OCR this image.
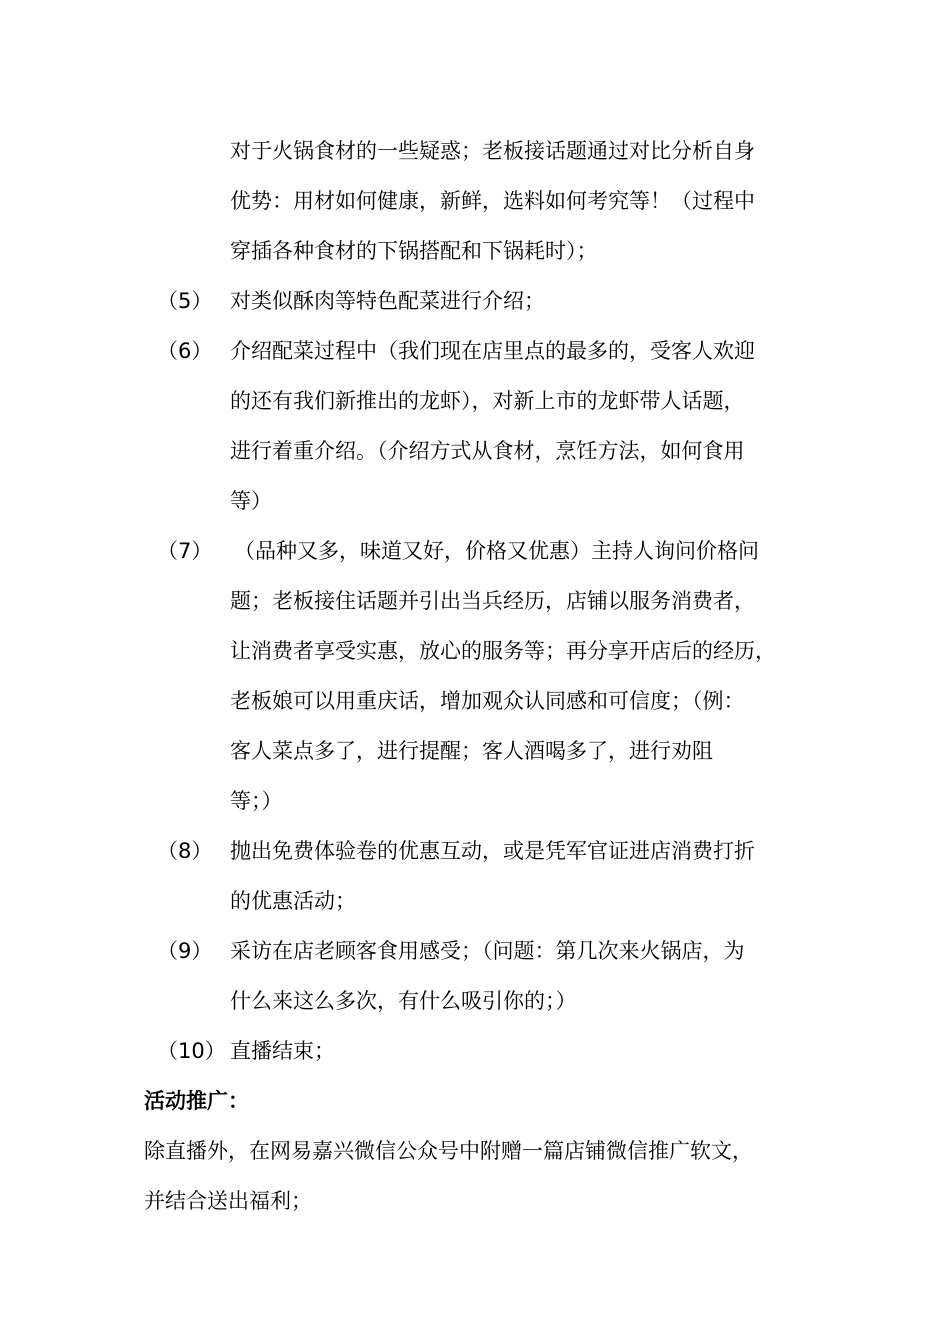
对于火锅食材的一些疑惑；老板接话题通过对比分析自身
优势：用材如何健康，新鲜，选料如何考究等！（过程中
穿插各种食材的下锅搭配和下锅耗时）；
（5） 对类似酥肉等特色配菜进行介绍；
（6） 介绍配菜过程中（我们现在店里点的最多的，受客人欢迎
的还有我们新推出的龙虾），对新上市的龙虾带人话题，
进行着重介绍。（介绍方式从食材，烹饪方法，如何食用
等）
（7） （品种又多，味道又好，价格又优惠）主持人询问价格问
题；老板接住话题并引出当兵经历，店铺以服务消费者，
让消费者享受实惠，放心的服务等；再分享开店后的经历，
老板娘可以用重庆话，增加观众认同感和可信度；（例：
客人菜点多了，进行提醒；客人酒喝多了，进行劝阻
等；）
（8） 抛出免费体验卷的优惠互动，或是凭军官证进店消费打折
的优惠活动；
（9） 采访在店老顾客食用感受；（问题：第几次来火锅店，为
什么来这么多次，有什么吸引你的；）
（10） 直播结束；
活动推广：
除直播外，在网易嘉兴微信公众号中附赠一篇店铺微信推广软文，
并结合送出福利；
